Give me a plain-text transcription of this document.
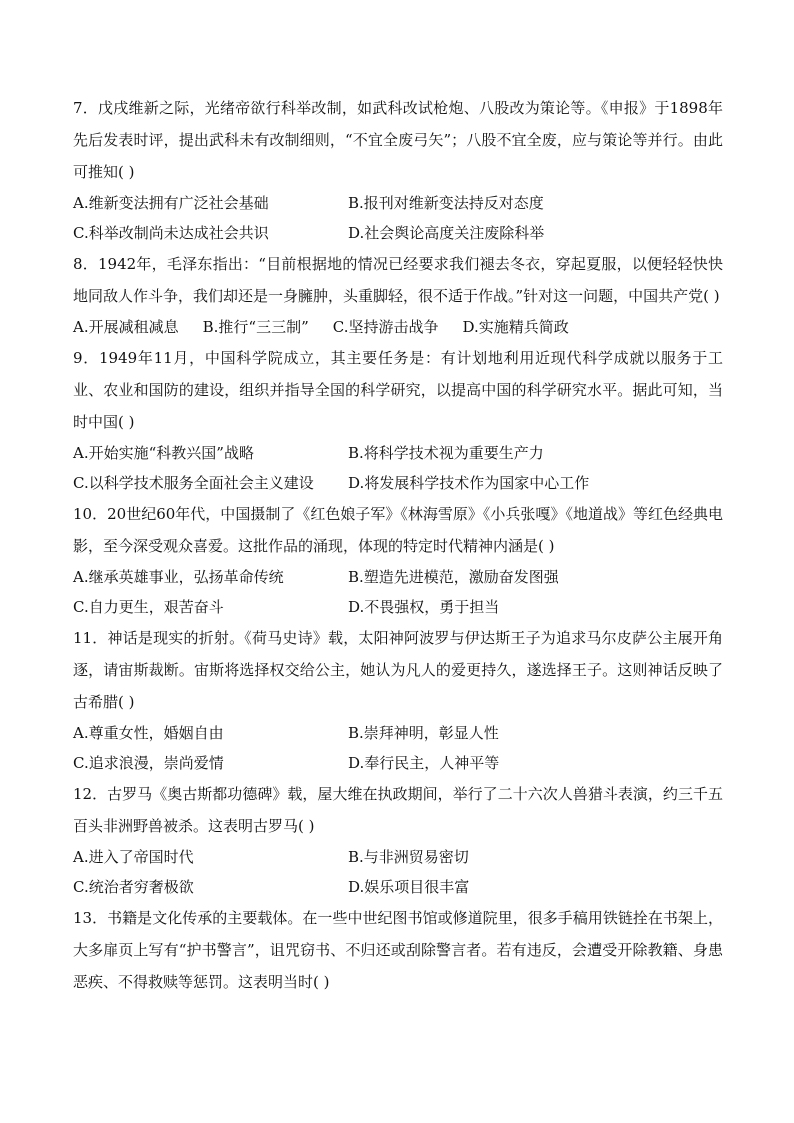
7．戊戌维新之际，光绪帝欲行科举改制，如武科改试枪炮、八股改为策论等。《申报》于1898年先后发表时评，提出武科未有改制细则，“不宜全废弓矢”；八股不宜全废，应与策论等并行。由此可推知( )

A.维新变法拥有广泛社会基础	B.报刊对维新变法持反对态度
C.科举改制尚未达成社会共识	D.社会舆论高度关注废除科举

8．1942年，毛泽东指出：“目前根据地的情况已经要求我们褪去冬衣，穿起夏服，以便轻轻快快地同敌人作斗争，我们却还是一身臃肿，头重脚轻，很不适于作战。”针对这一问题，中国共产党( )

A.开展减租减息 B.推行“三三制” C.坚持游击战争 D.实施精兵简政

9．1949年11月，中国科学院成立，其主要任务是：有计划地利用近现代科学成就以服务于工业、农业和国防的建设，组织并指导全国的科学研究，以提高中国的科学研究水平。据此可知，当时中国( )

A.开始实施“科教兴国”战略	B.将科学技术视为重要生产力
C.以科学技术服务全面社会主义建设	D.将发展科学技术作为国家中心工作

10．20世纪60年代，中国摄制了《红色娘子军》《林海雪原》《小兵张嘎》《地道战》等红色经典电影，至今深受观众喜爱。这批作品的涌现，体现的特定时代精神内涵是( )

A.继承英雄事业，弘扬革命传统	B.塑造先进模范，激励奋发图强
C.自力更生，艰苦奋斗	D.不畏强权，勇于担当

11．神话是现实的折射。《荷马史诗》载，太阳神阿波罗与伊达斯王子为追求马尔皮萨公主展开角逐，请宙斯裁断。宙斯将选择权交给公主，她认为凡人的爱更持久，遂选择王子。这则神话反映了古希腊( )

A.尊重女性，婚姻自由	B.崇拜神明，彰显人性
C.追求浪漫，崇尚爱情	D.奉行民主，人神平等

12．古罗马《奥古斯都功德碑》载，屋大维在执政期间，举行了二十六次人兽猎斗表演，约三千五百头非洲野兽被杀。这表明古罗马( )

A.进入了帝国时代	B.与非洲贸易密切
C.统治者穷奢极欲	D.娱乐项目很丰富

13．书籍是文化传承的主要载体。在一些中世纪图书馆或修道院里，很多手稿用铁链拴在书架上，大多扉页上写有“护书警言”，诅咒窃书、不归还或刮除警言者。若有违反，会遭受开除教籍、身患恶疾、不得救赎等惩罚。这表明当时( )
